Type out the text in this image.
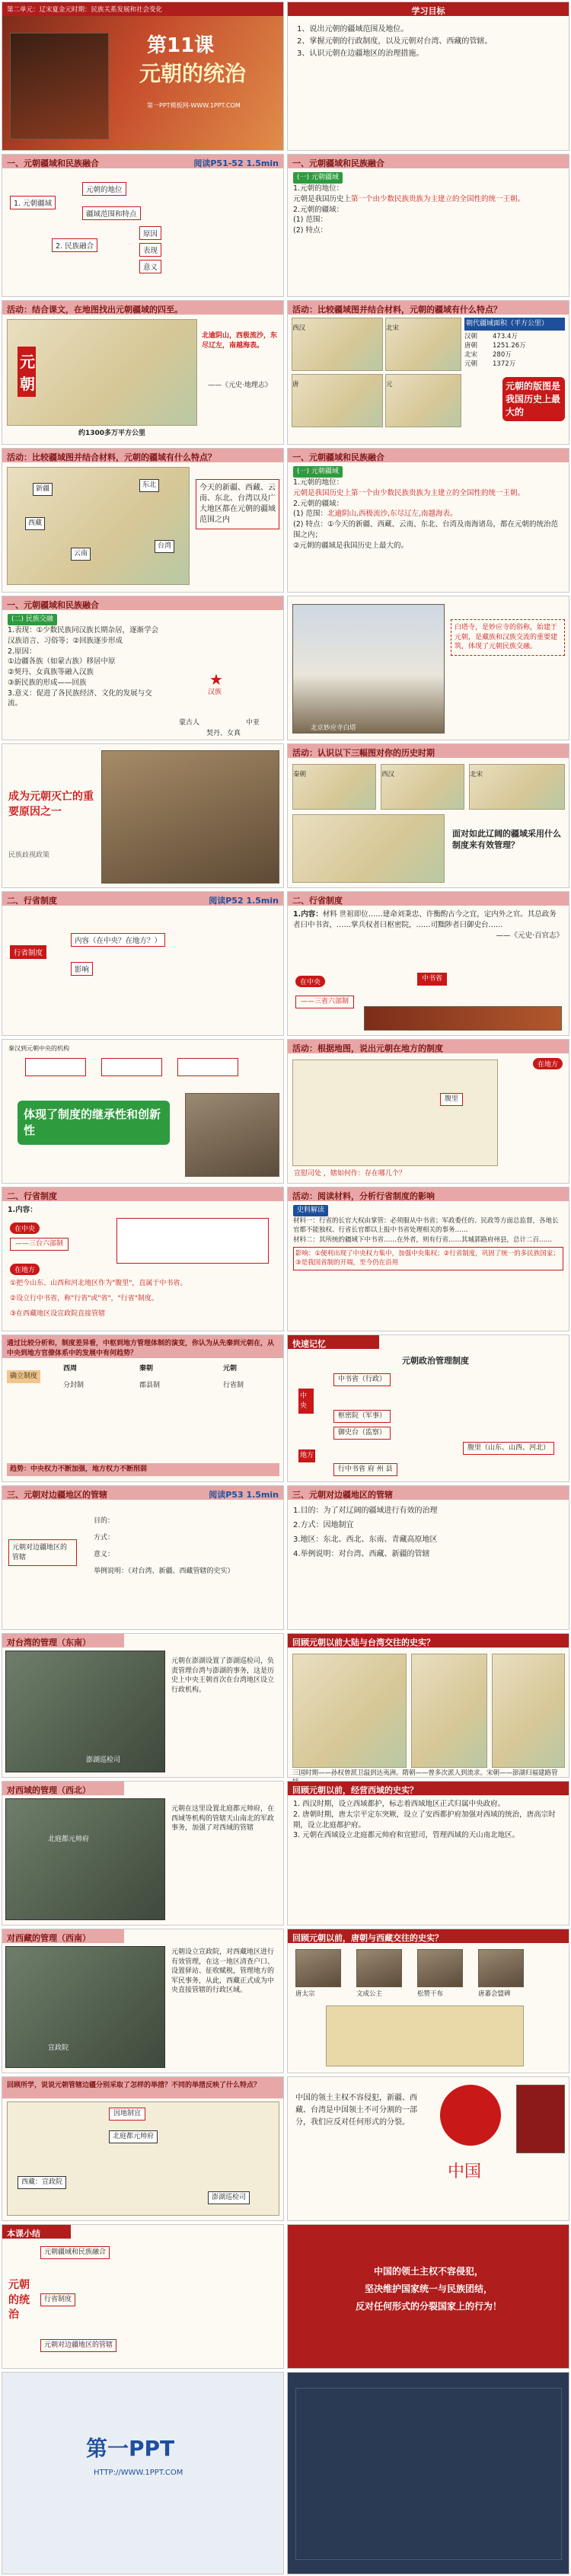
第二单元：辽宋夏金元时期：民族关系发展和社会变化
第11课
元朝的统治
第一PPT模板网-WWW.1PPT.COM
学习目标
1、说出元朝的疆域范围及地位。
2、掌握元朝的行政制度，以及元朝对台湾、西藏的管辖。
3、认识元朝在边疆地区的治理措施。
一、元朝疆域和民族融合	阅读P51-52 1.5min
1. 元朝疆域
元朝的地位
疆域范围和特点
2. 民族融合
原因
表现
意义
一、元朝疆域和民族融合
(一) 元朝疆域
1.元朝的地位：
元朝是我国历史上第一个由少数民族贵族为主建立的全国性的统一王朝。
2.元朝的疆域：
(1) 范围：
(2) 特点：
活动：结合课文，在地图找出元朝疆域的四至。
元朝
北逾阴山，西极流沙，东尽辽左，南越海表。
——《元史·地理志》
约1300多万平方公里
活动：比较疆域图并结合材料，元朝的疆域有什么特点？
西汉
唐
北宋
元
朝代疆域面积（平方公里）
汉朝	473.4万
唐朝	1251.26万
北宋	280万
元朝	1372万
元朝的版图是我国历史上最大的
活动：比较疆域图并结合材料，元朝的疆域有什么特点？
西藏
云南
台湾
东北
新疆	今天的新疆、西藏、云南、东北、台湾以及广大地区都在元朝的疆域范围之内
一、元朝疆域和民族融合
(一) 元朝疆域
1.元朝的地位：
元朝是我国历史上第一个由少数民族贵族为主建立的全国性的统一王朝。
2.元朝的疆域：
(1) 范围：北逾阴山,西极流沙,东尽辽左,南越海表。
(2) 特点：①今天的新疆、西藏、云南、东北、台湾及南海诸岛，都在元朝的统治范围之内；
②元朝的疆域是我国历史上最大的。
一、元朝疆域和民族融合
(二) 民族交融
1.表现：①少数民族同汉族长期杂居，逐渐学会汉族语言、习俗等；②回族逐步形成
2.原因：
①边疆各族（如蒙古族）移居中原
②契丹、女真族等融入汉族
③新民族的形成——回族
3.意义：促进了各民族经济、文化的发展与交流。
★
汉族
蒙古人	中亚
契丹、女真
北京妙应寺白塔
白塔寺，是妙应寺的俗称，始建于元朝，是藏族和汉族交流的重要建筑，体现了元朝民族交融。
成为元朝灭亡的重要原因之一
民族歧视政策
活动：认识以下三幅图对你的历史时期
秦朝	西汉	北宋
面对如此辽阔的疆域采用什么制度来有效管理？
二、行省制度	阅读P52 1.5min
行省制度
内容（在中央？在地方？）
影响
二、行省制度
1.内容：材料 世祖即位……建命刘秉忠、许衡酌古今之宜，定内外之官。其总政务者曰中书省，……掌兵权者曰枢密院，……司黜陟者曰御史台……
——《元史·百官志》
在中央	中书省
——三省六部制
秦汉到元朝中央的机构
体现了制度的继承性和创新性
活动：根据地图，说出元朝在地方的制度
在地方
腹里
宣慰司处 ，辖如何作：存在哪几个？
二、行省制度
1.内容：
在中央
——三台六部制
在地方
①把今山东、山西和河北地区作为"腹里"，直属于中书省。
②设立行中书省，称"行省"或"省"，"行省"制度。
③在西藏地区设宣政院直接管辖
活动：阅读材料，分析行省制度的影响
史料解读
材料一：行省的长官大权由掌管：必须服从中书省；军政委任的、民政等方面总监督，各地长官都不能独权、行省长官都以上报中书省处理相关的事务……
材料二：其所统的疆域下中书省……在外者，则有行省……其城郭路府州县，总计二百……
影响：①便利出现了中央权力集中，加强中央集权；②行省制度，巩固了统一的多民族国家；③是我国省制的开端，至今仍在沿用
通过比较分析和，制度差异看，中枢到地方管理体制的演变，你认为从先秦到元朝在，从中央到地方官僚体系中的发展中有何趋势？
确立制度
西周	秦朝	元朝
分封制	郡县制	行省制
趋势：中央权力不断加强，地方权力不断削弱
快速记忆
元朝政治管理制度
中央
中书省（行政）
枢密院（军事）
御史台（监察）
地方
行中书省 府 州 县
腹里（山东、山西、河北）
三、元朝对边疆地区的管辖	阅读P53 1.5min
元朝对边疆地区的管辖
目的：
方式：
意义：
举例说明：（对台湾、新疆、西藏管辖的史实）
三、元朝对边疆地区的管辖
1.目的：为了对辽阔的疆域进行有效的治理
2.方式：因地制宜
3.地区：东北、西北、东南、青藏高原地区
4.举例说明：对台湾、西藏、新疆的管辖
对台湾的管理（东南）
澎湖巡检司
元朝在澎湖设置了澎湖巡检司，负责管理台湾与澎湖的事务，这是历史上中央王朝首次在台湾地区设立行政机构。
回顾元朝以前大陆与台湾交往的史实？
三国时期——孙权曾派卫温到达夷洲。隋朝——曾多次派人到流求。宋朝——澎湖归福建路管
对西域的管理（西北）
北庭都元帅府
元朝在这里设置北庭都元帅府，在西域等机构的管辖天山南北的军政事务，加强了对西域的管辖
回顾元朝以前，经营西域的史实？
1. 西汉时期，设立西域都护，标志着西域地区正式归属中央政府。
2. 唐朝时期，唐太宗平定东突厥，设立了安西都护府加强对西域的统治，唐高宗时期，设立北庭都护府。
3. 元朝在西域设立北庭都元帅府和宣慰司，管理西域的天山南北地区。
对西藏的管理（西南）
宣政院
元朝设立宣政院，对西藏地区进行有效管理，在这一地区清查户口、设置驿站、征收赋税，管理地方的军民事务，从此，西藏正式成为中央直接管辖的行政区域。
回顾元朝以前，唐朝与西藏交往的史实？
唐太宗	文成公主	松赞干布	唐蕃会盟碑
回顾所学，说说元朝管辖边疆分别采取了怎样的举措？不同的举措反映了什么特点？
因地制宜
西藏：宣政院
北庭都元帅府
澎湖巡检司
中国的领土主权不容侵犯，新疆、西藏、台湾是中国领土不可分割的一部分，我们应反对任何形式的分裂。
中国
本课小结
元朝的统治
元朝疆域和民族融合
行省制度
元朝对边疆地区的管辖
中国的领土主权不容侵犯，
坚决维护国家统一与民族团结，
反对任何形式的分裂国家上的行为！
第一PPT
HTTP://WWW.1PPT.COM
